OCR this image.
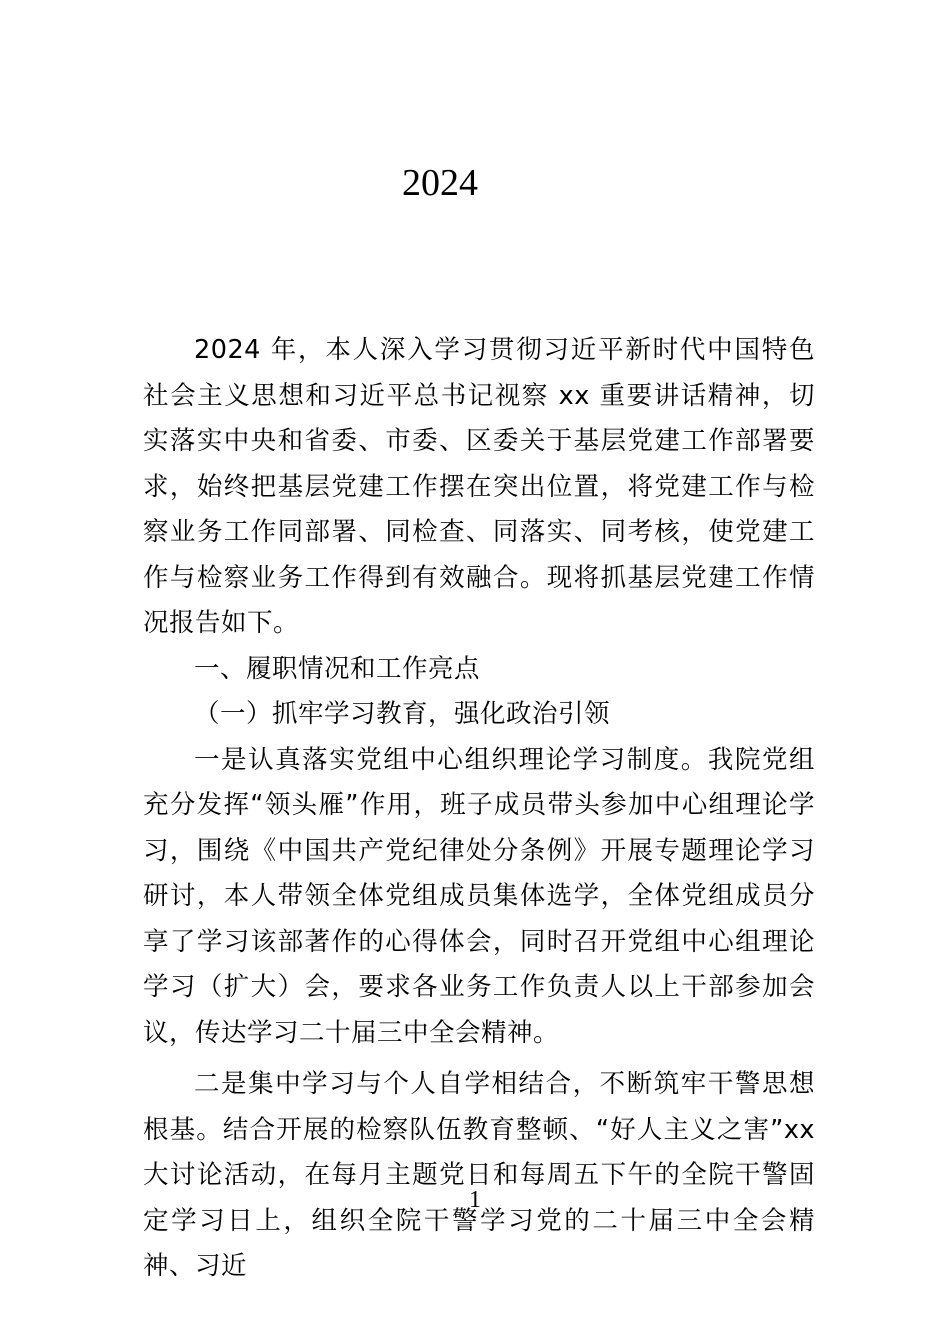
2024

2024 年，本人深入学习贯彻习近平新时代中国特色社会主义思想和习近平总书记视察 xx 重要讲话精神，切实落实中央和省委、市委、区委关于基层党建工作部署要求，始终把基层党建工作摆在突出位置，将党建工作与检察业务工作同部署、同检查、同落实、同考核，使党建工作与检察业务工作得到有效融合。现将抓基层党建工作情况报告如下。

一、履职情况和工作亮点

（一）抓牢学习教育，强化政治引领

一是认真落实党组中心组织理论学习制度。我院党组充分发挥“领头雁”作用，班子成员带头参加中心组理论学习，围绕《中国共产党纪律处分条例》开展专题理论学习研讨，本人带领全体党组成员集体选学，全体党组成员分享了学习该部著作的心得体会，同时召开党组中心组理论学习（扩大）会，要求各业务工作负责人以上干部参加会议，传达学习二十届三中全会精神。

二是集中学习与个人自学相结合，不断筑牢干警思想根基。结合开展的检察队伍教育整顿、“好人主义之害”xx 大讨论活动，在每月主题党日和每周五下午的全院干警固定学习日上，组织全院干警学习党的二十届三中全会精神、习近

1
